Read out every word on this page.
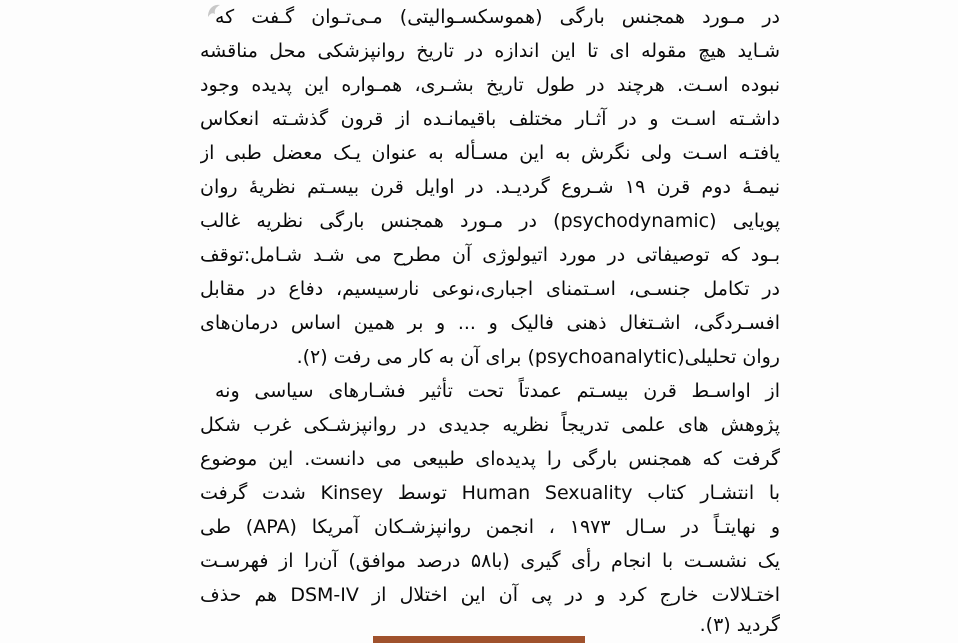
در مـورد همجنس بارگی (هموسکسـوالیتی) مـی‌تـوان گـفت که
شـاید هیچ مقوله ای تا این اندازه در تاریخ روانپزشکی محل مناقشه
نبوده اسـت. هرچند در طول تاریخ بشـری، همـواره این پدیده وجود
داشـته اسـت و در آثـار مختلف باقیمانـده از قرون گذشـته انعکاس
یافتـه اسـت ولی نگرش به این مسـأله به عنوان یـک معضل طبی از
نیمـۀ دوم قرن ۱۹ شـروع گردیـد. در اوایل قرن بیسـتم نظریۀ روان
پویایی (psychodynamic) در مـورد همجنس بارگی نظریه غالب
بـود که توصیفاتی در مورد اتیولوژی آن مطرح می شـد شـامل:توقف
در تکامل جنسـی، اسـتمنای اجباری،نوعی نارسیسیم، دفاع در مقابل
افسـردگی، اشـتغال ذهنی فالیک و ... و بر همین اساس درمان‌های
روان تحلیلی(psychoanalytic) برای آن به کار می رفت (۲).
از اواسـط قرن بیسـتم عمدتاً تحت تأثیر فشـارهای سیاسی ونه
پژوهش های علمی تدریجاً نظریه جدیدی در روانپزشـکی غرب شکل
گرفت که همجنس بارگی را پدیده‌ای طبیعی می دانست. این موضوع
با انتشـار کتاب Human Sexuality توسط Kinsey شدت گرفت
و نهایتـاً در سـال ۱۹۷۳ ، انجمن روانپزشـکان آمریکا (APA) طی
یک نشسـت با انجام رأی گیری (با۵۸ درصد موافق) آن‌را از فهرسـت
اختـلالات خارج کرد و در پی آن این اختلال از DSM-IV هم حذف
گردید (۳).
